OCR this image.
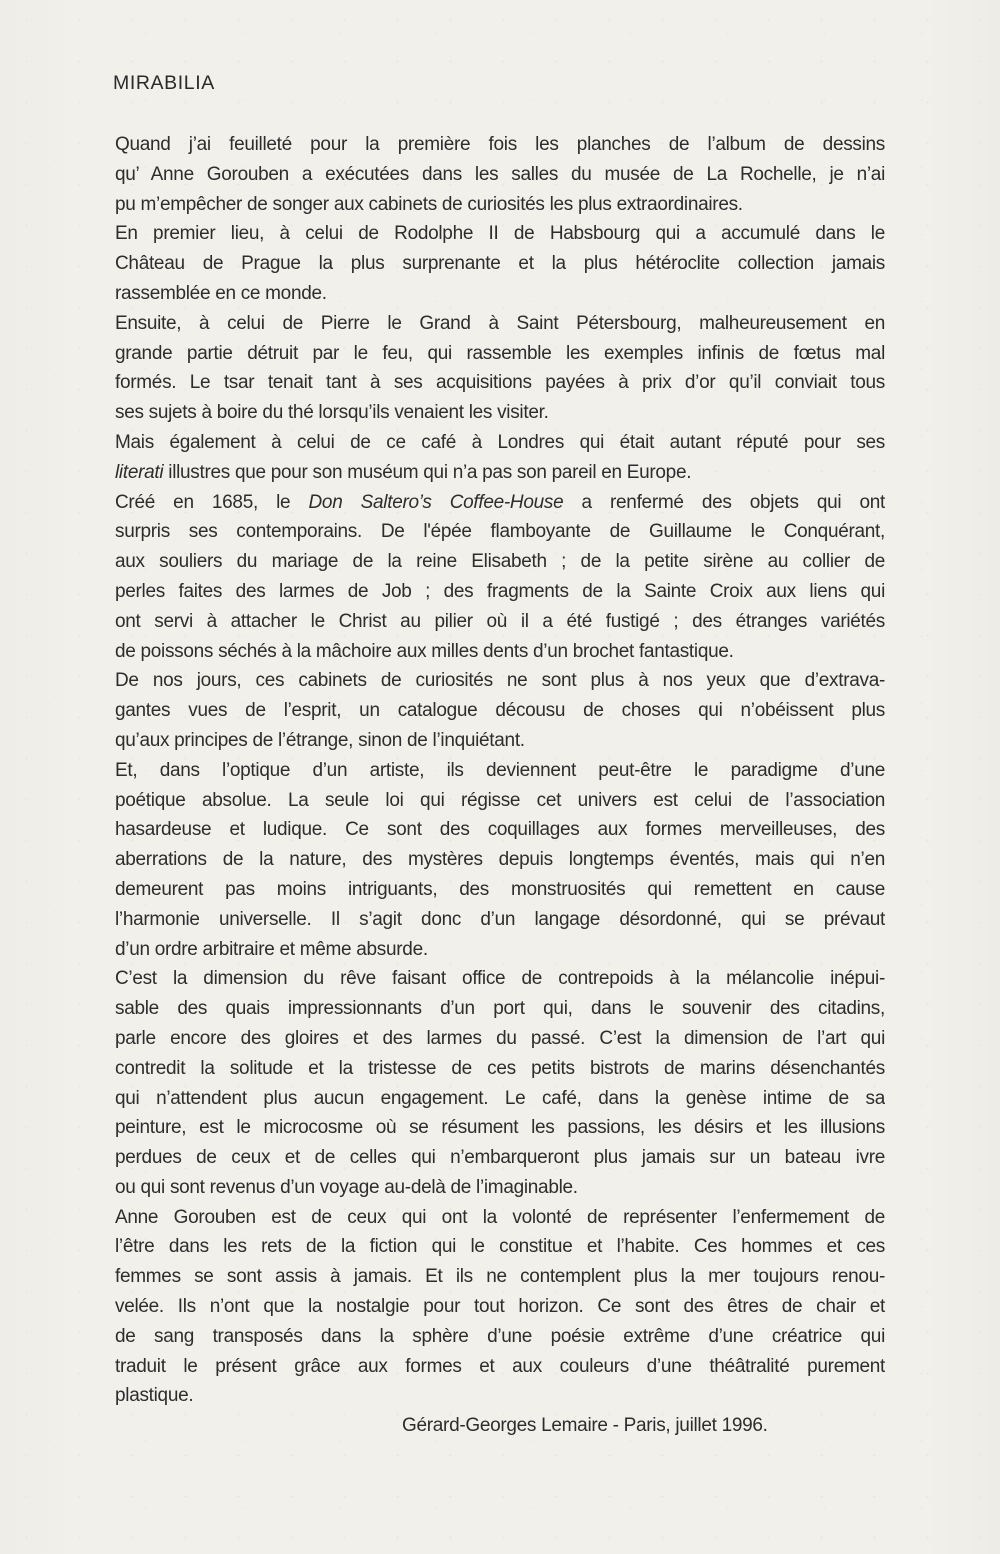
MIRABILIA
Quand j’ai feuilleté pour la première fois les planches de l’album de dessins
qu’ Anne Gorouben a exécutées dans les salles du musée de La Rochelle, je n’ai
pu m’empêcher de songer aux cabinets de curiosités les plus extraordinaires.
En premier lieu, à celui de Rodolphe II de Habsbourg qui a accumulé dans le
Château de Prague la plus surprenante et la plus hétéroclite collection jamais
rassemblée en ce monde.
Ensuite, à celui de Pierre le Grand à Saint Pétersbourg, malheureusement en
grande partie détruit par le feu, qui rassemble les exemples infinis de fœtus mal
formés. Le tsar tenait tant à ses acquisitions payées à prix d’or qu’il conviait tous
ses sujets à boire du thé lorsqu’ils venaient les visiter.
Mais également à celui de ce café à Londres qui était autant réputé pour ses
literati illustres que pour son muséum qui n’a pas son pareil en Europe.
Créé en 1685, le Don Saltero’s Coffee-House a renfermé des objets qui ont
surpris ses contemporains. De l'épée flamboyante de Guillaume le Conquérant,
aux souliers du mariage de la reine Elisabeth ; de la petite sirène au collier de
perles faites des larmes de Job ; des fragments de la Sainte Croix aux liens qui
ont servi à attacher le Christ au pilier où il a été fustigé ; des étranges variétés
de poissons séchés à la mâchoire aux milles dents d’un brochet fantastique.
De nos jours, ces cabinets de curiosités ne sont plus à nos yeux que d’extrava-
gantes vues de l’esprit, un catalogue décousu de choses qui n’obéissent plus
qu’aux principes de l’étrange, sinon de l’inquiétant.
Et, dans l’optique d’un artiste, ils deviennent peut-être le paradigme d’une
poétique absolue. La seule loi qui régisse cet univers est celui de l’association
hasardeuse et ludique. Ce sont des coquillages aux formes merveilleuses, des
aberrations de la nature, des mystères depuis longtemps éventés, mais qui n’en
demeurent pas moins intriguants, des monstruosités qui remettent en cause
l’harmonie universelle. Il s’agit donc d’un langage désordonné, qui se prévaut
d’un ordre arbitraire et même absurde.
C’est la dimension du rêve faisant office de contrepoids à la mélancolie inépui-
sable des quais impressionnants d’un port qui, dans le souvenir des citadins,
parle encore des gloires et des larmes du passé. C’est la dimension de l’art qui
contredit la solitude et la tristesse de ces petits bistrots de marins désenchantés
qui n’attendent plus aucun engagement. Le café, dans la genèse intime de sa
peinture, est le microcosme où se résument les passions, les désirs et les illusions
perdues de ceux et de celles qui n’embarqueront plus jamais sur un bateau ivre
ou qui sont revenus d’un voyage au-delà de l’imaginable.
Anne Gorouben est de ceux qui ont la volonté de représenter l’enfermement de
l’être dans les rets de la fiction qui le constitue et l’habite. Ces hommes et ces
femmes se sont assis à jamais. Et ils ne contemplent plus la mer toujours renou-
velée. Ils n’ont que la nostalgie pour tout horizon. Ce sont des êtres de chair et
de sang transposés dans la sphère d’une poésie extrême d’une créatrice qui
traduit le présent grâce aux formes et aux couleurs d’une théâtralité purement
plastique.
Gérard-Georges Lemaire - Paris, juillet 1996.
